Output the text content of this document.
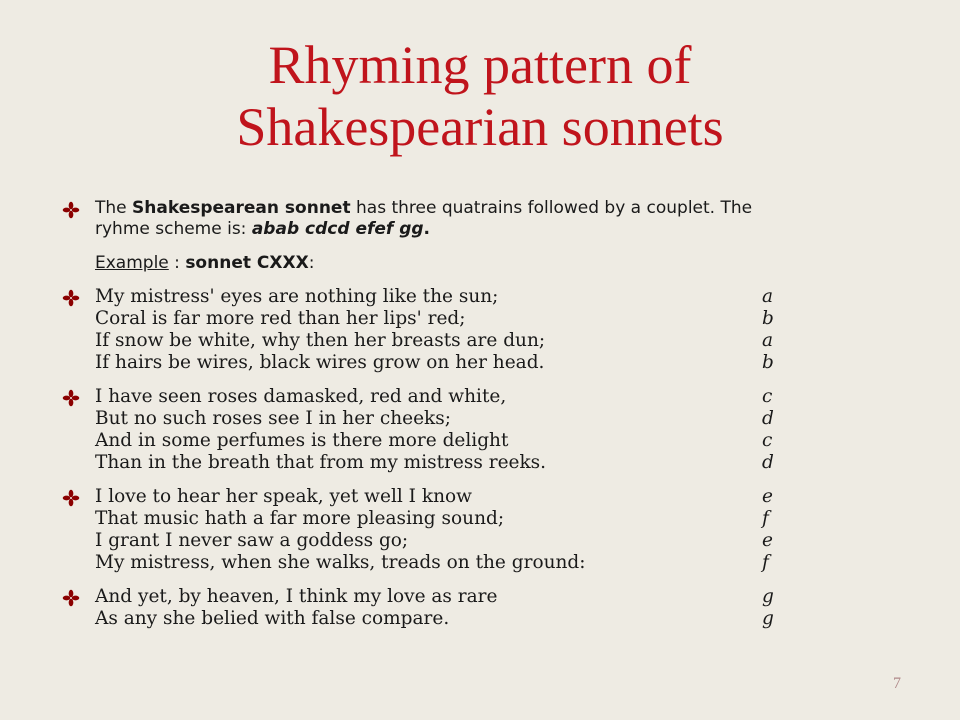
Rhyming pattern of
Shakespearian sonnets
The Shakespearean sonnet has three quatrains followed by a couplet. The ryhme scheme is: abab cdcd efef gg.
Example : sonnet CXXX:
My mistress' eyes are nothing like the sun;	a
Coral is far more red than her lips' red;	b
If snow be white, why then her breasts are dun;	a
If hairs be wires, black wires grow on her head.	b
I have seen roses damasked, red and white,	c
But no such roses see I in her cheeks;	d
And in some perfumes is there more delight	c
Than in the breath that from my mistress reeks.	d
I love to hear her speak, yet well I know	e
That music hath a far more pleasing sound;	f
I grant I never saw a goddess go;	e
My mistress, when she walks, treads on the ground:	f
And yet, by heaven, I think my love as rare	g
As any she belied with false compare.	g
7
